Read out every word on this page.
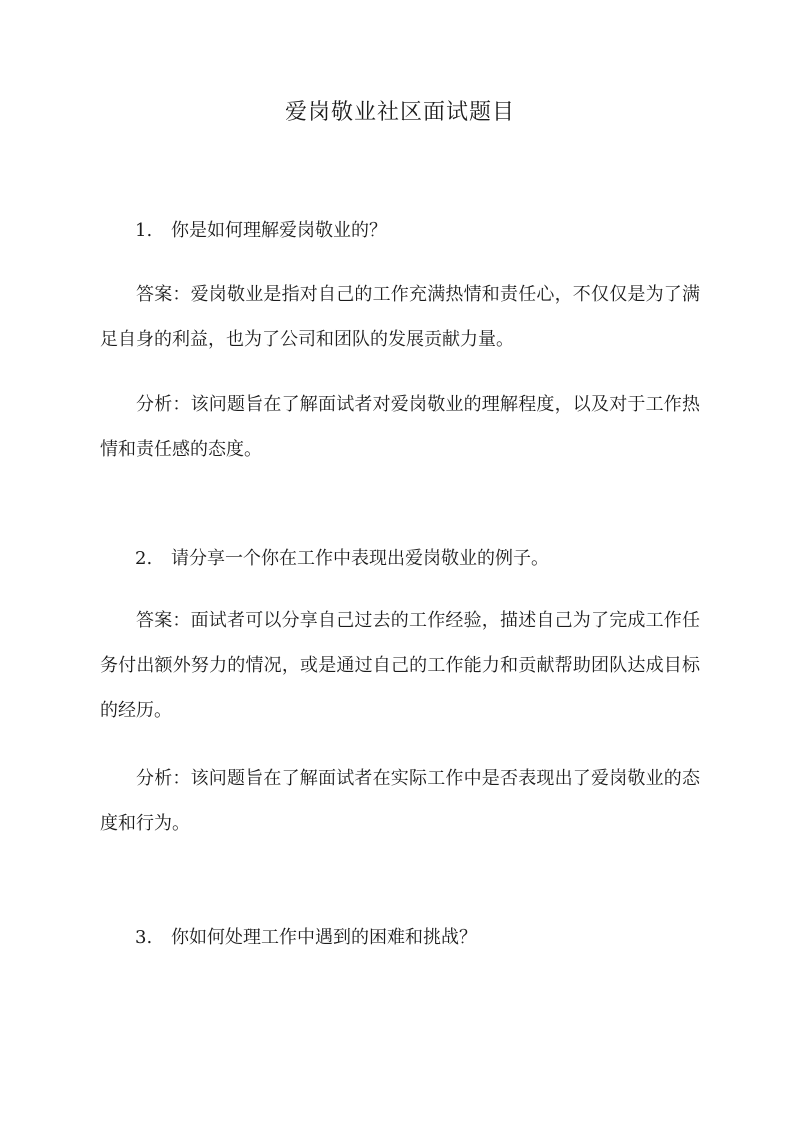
爱岗敬业社区面试题目

1. 你是如何理解爱岗敬业的？

答案：爱岗敬业是指对自己的工作充满热情和责任心，不仅仅是为了满足自身的利益，也为了公司和团队的发展贡献力量。

分析：该问题旨在了解面试者对爱岗敬业的理解程度，以及对于工作热情和责任感的态度。

2. 请分享一个你在工作中表现出爱岗敬业的例子。

答案：面试者可以分享自己过去的工作经验，描述自己为了完成工作任务付出额外努力的情况，或是通过自己的工作能力和贡献帮助团队达成目标的经历。

分析：该问题旨在了解面试者在实际工作中是否表现出了爱岗敬业的态度和行为。

3. 你如何处理工作中遇到的困难和挑战？
